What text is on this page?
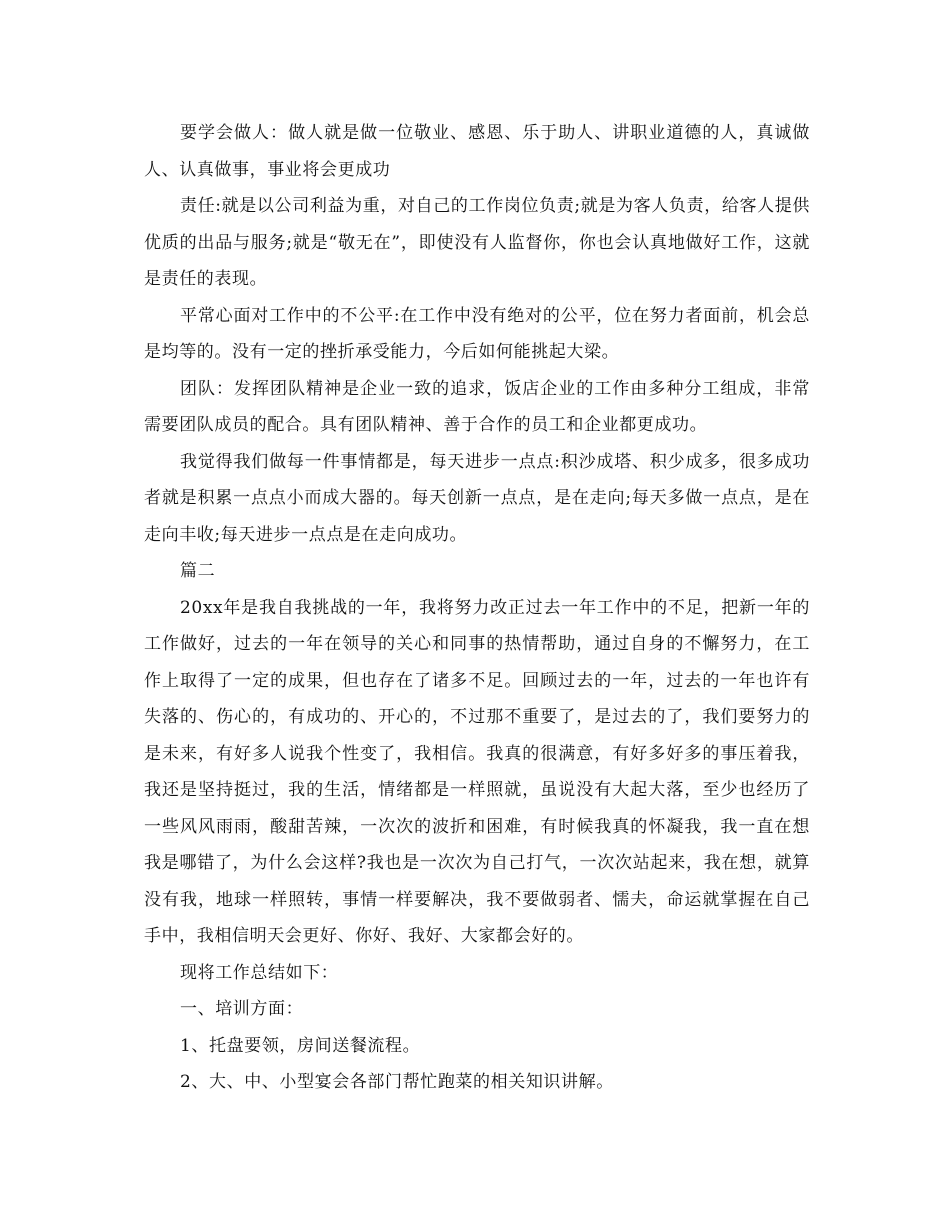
要学会做人：做人就是做一位敬业、感恩、乐于助人、讲职业道德的人，真诚做人、认真做事，事业将会更成功

责任:就是以公司利益为重，对自己的工作岗位负责;就是为客人负责，给客人提供优质的出品与服务;就是“敬无在”，即使没有人监督你，你也会认真地做好工作，这就是责任的表现。

平常心面对工作中的不公平:在工作中没有绝对的公平，位在努力者面前，机会总是均等的。没有一定的挫折承受能力，今后如何能挑起大梁。

团队：发挥团队精神是企业一致的追求，饭店企业的工作由多种分工组成，非常需要团队成员的配合。具有团队精神、善于合作的员工和企业都更成功。

我觉得我们做每一件事情都是，每天进步一点点:积沙成塔、积少成多，很多成功者就是积累一点点小而成大器的。每天创新一点点，是在走向;每天多做一点点，是在走向丰收;每天进步一点点是在走向成功。

篇二

20xx年是我自我挑战的一年，我将努力改正过去一年工作中的不足，把新一年的工作做好，过去的一年在领导的关心和同事的热情帮助，通过自身的不懈努力，在工作上取得了一定的成果，但也存在了诸多不足。回顾过去的一年，过去的一年也许有失落的、伤心的，有成功的、开心的，不过那不重要了，是过去的了，我们要努力的是未来，有好多人说我个性变了，我相信。我真的很满意，有好多好多的事压着我，我还是坚持挺过，我的生活，情绪都是一样照就，虽说没有大起大落，至少也经历了一些风风雨雨，酸甜苦辣，一次次的波折和困难，有时候我真的怀凝我，我一直在想我是哪错了，为什么会这样?我也是一次次为自己打气，一次次站起来，我在想，就算没有我，地球一样照转，事情一样要解决，我不要做弱者、懦夫，命运就掌握在自己手中，我相信明天会更好、你好、我好、大家都会好的。

现将工作总结如下：

一、培训方面：

1、托盘要领，房间送餐流程。

2、大、中、小型宴会各部门帮忙跑菜的相关知识讲解。
